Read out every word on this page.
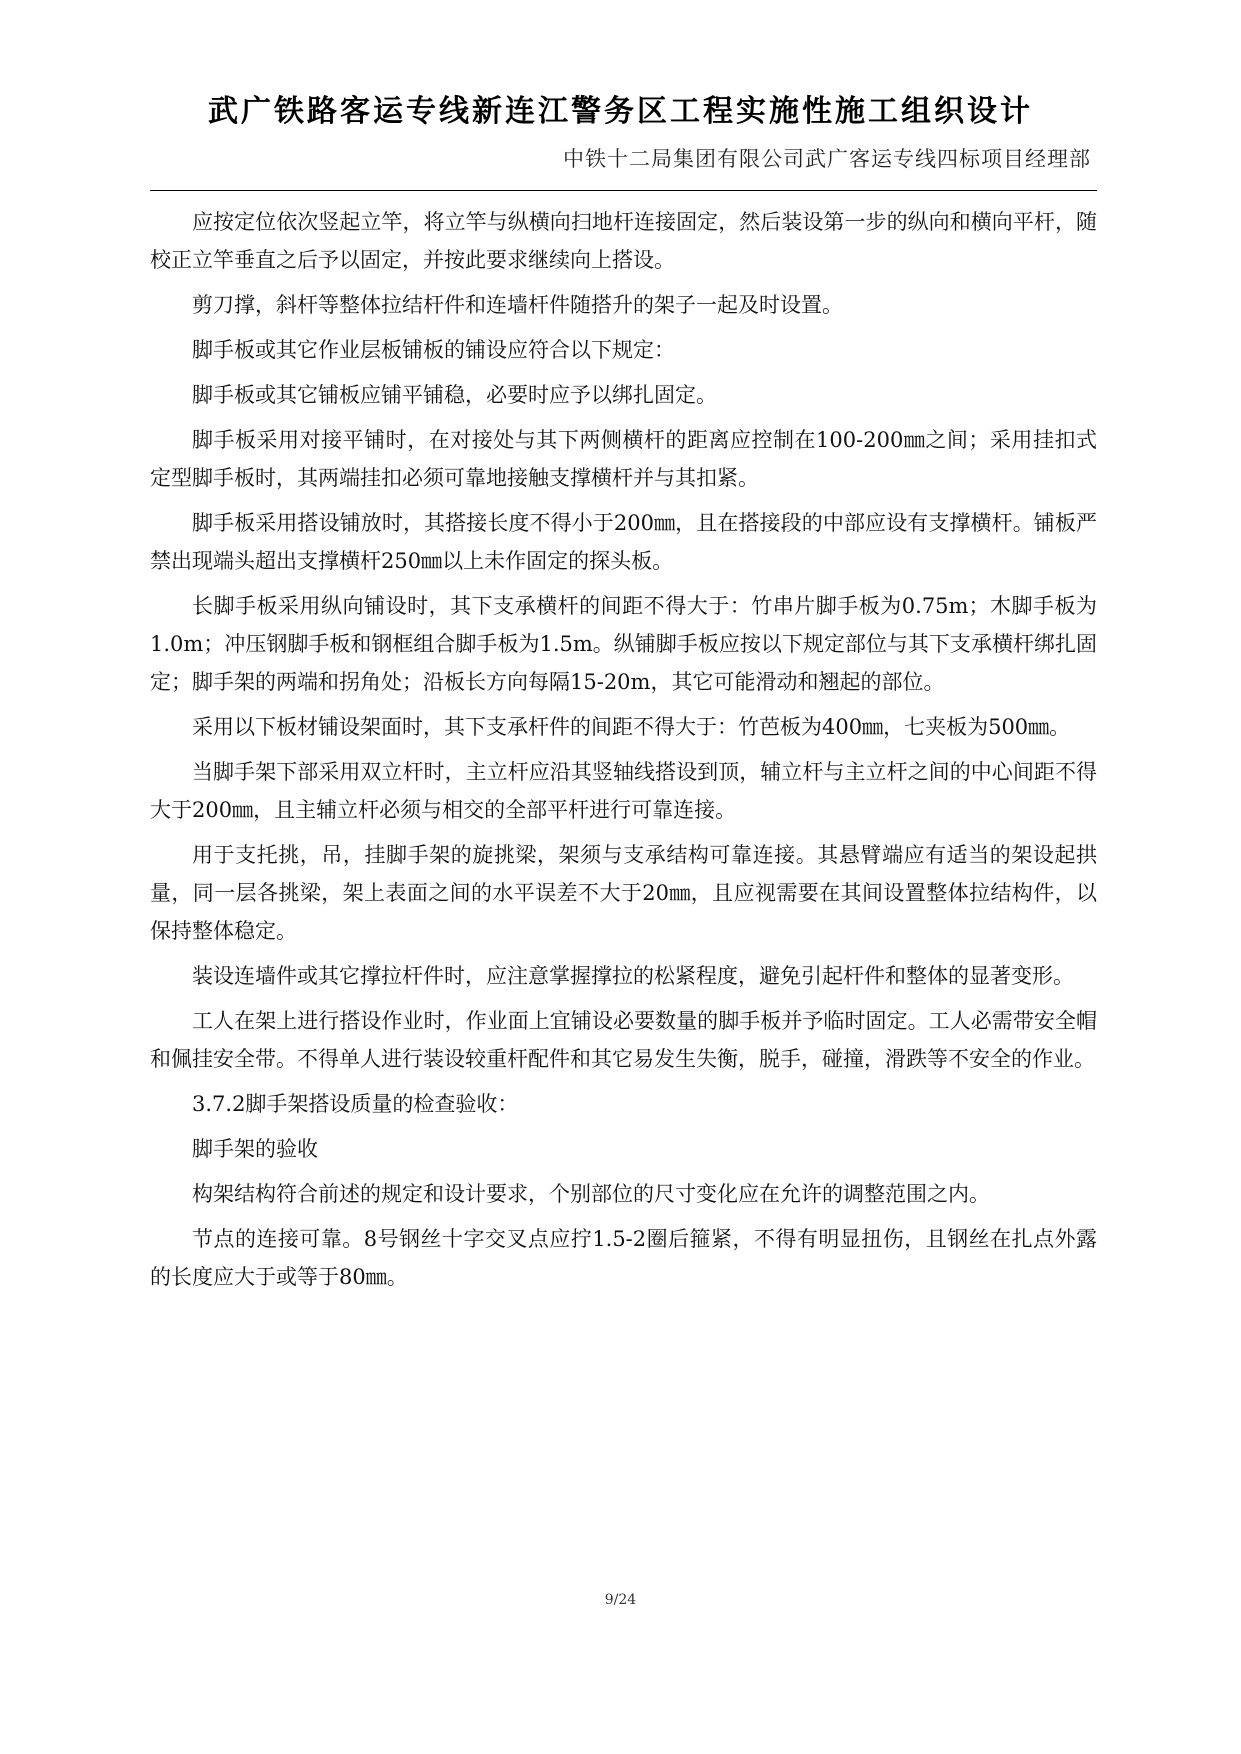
武广铁路客运专线新连江警务区工程实施性施工组织设计

中铁十二局集团有限公司武广客运专线四标项目经理部

应按定位依次竖起立竿，将立竿与纵横向扫地杆连接固定，然后装设第一步的纵向和横向平杆，随校正立竿垂直之后予以固定，并按此要求继续向上搭设。

剪刀撑，斜杆等整体拉结杆件和连墙杆件随搭升的架子一起及时设置。

脚手板或其它作业层板铺板的铺设应符合以下规定：

脚手板或其它铺板应铺平铺稳，必要时应予以绑扎固定。

脚手板采用对接平铺时，在对接处与其下两侧横杆的距离应控制在100-200㎜之间；采用挂扣式定型脚手板时，其两端挂扣必须可靠地接触支撑横杆并与其扣紧。

脚手板采用搭设铺放时，其搭接长度不得小于200㎜，且在搭接段的中部应设有支撑横杆。铺板严禁出现端头超出支撑横杆250㎜以上未作固定的探头板。

长脚手板采用纵向铺设时，其下支承横杆的间距不得大于：竹串片脚手板为0.75m；木脚手板为1.0m；冲压钢脚手板和钢框组合脚手板为1.5m。纵铺脚手板应按以下规定部位与其下支承横杆绑扎固定；脚手架的两端和拐角处；沿板长方向每隔15-20m，其它可能滑动和翘起的部位。

采用以下板材铺设架面时，其下支承杆件的间距不得大于：竹芭板为400㎜，七夹板为500㎜。

当脚手架下部采用双立杆时，主立杆应沿其竖轴线搭设到顶，辅立杆与主立杆之间的中心间距不得大于200㎜，且主辅立杆必须与相交的全部平杆进行可靠连接。

用于支托挑，吊，挂脚手架的旋挑梁，架须与支承结构可靠连接。其悬臂端应有适当的架设起拱量，同一层各挑梁，架上表面之间的水平误差不大于20㎜，且应视需要在其间设置整体拉结构件，以保持整体稳定。

装设连墙件或其它撑拉杆件时，应注意掌握撑拉的松紧程度，避免引起杆件和整体的显著变形。

工人在架上进行搭设作业时，作业面上宜铺设必要数量的脚手板并予临时固定。工人必需带安全帽和佩挂安全带。不得单人进行装设较重杆配件和其它易发生失衡，脱手，碰撞，滑跌等不安全的作业。

3.7.2脚手架搭设质量的检查验收：

脚手架的验收

构架结构符合前述的规定和设计要求，个别部位的尺寸变化应在允许的调整范围之内。

节点的连接可靠。8号钢丝十字交叉点应拧1.5-2圈后箍紧，不得有明显扭伤，且钢丝在扎点外露的长度应大于或等于80㎜。

9/24
